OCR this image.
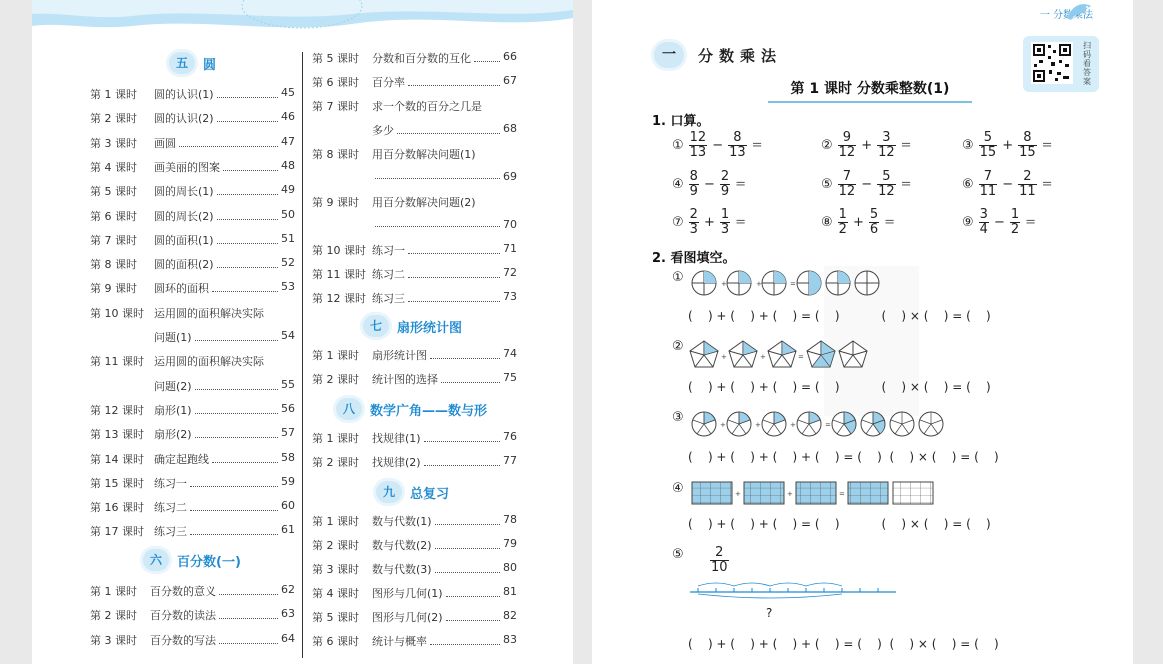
五	圆
第 1 课时	圆的认识(1)	45
第 2 课时	圆的认识(2)	46
第 3 课时	画圆	47
第 4 课时	画美丽的图案	48
第 5 课时	圆的周长(1)	49
第 6 课时	圆的周长(2)	50
第 7 课时	圆的面积(1)	51
第 8 课时	圆的面积(2)	52
第 9 课时	圆环的面积	53
第 10 课时 运用圆的面积解决实际
问题(1)	54
第 11 课时 运用圆的面积解决实际
问题(2)	55
第 12 课时 扇形(1)	56
第 13 课时 扇形(2)	57
第 14 课时 确定起跑线	58
第 15 课时 练习一	59
第 16 课时 练习二	60
第 17 课时 练习三	61
六	百分数(一)
第 1 课时	百分数的意义	62
第 2 课时	百分数的读法	63
第 3 课时	百分数的写法	64
第 5 课时	分数和百分数的互化	66
第 6 课时	百分率	67
第 7 课时	求一个数的百分之几是
多少	68
第 8 课时	用百分数解决问题(1)
69
第 9 课时	用百分数解决问题(2)
70
第 10 课时 练习一	71
第 11 课时 练习二	72
第 12 课时 练习三	73
七	扇形统计图
第 1 课时	扇形统计图	74
第 2 课时	统计图的选择	75
八	数学广角——数与形
第 1 课时	找规律(1)	76
第 2 课时	找规律(2)	77
九	总复习
第 1 课时	数与代数(1)	78
第 2 课时	数与代数(2)	79
第 3 课时	数与代数(3)	80
第 4 课时	图形与几何(1)	81
第 5 课时	图形与几何(2)	82
第 6 课时	统计与概率	83
一 分数乘法
一	分数乘法
扫码看答案
第 1 课时 分数乘整数(1)
1. 口算。
① $\frac{12}{13} - \frac{8}{13}$ =	② $\frac{9}{12} + \frac{3}{12}$ =	③ $\frac{5}{15} + \frac{8}{15}$ =
④ $\frac{8}{9} - \frac{2}{9}$ =	⑤ $\frac{7}{12} - \frac{5}{12}$ =	⑥ $\frac{7}{11} - \frac{2}{11}$ =
⑦ $\frac{2}{3} + \frac{1}{3}$ =	⑧ $\frac{1}{2} + \frac{5}{6}$ =	⑨ $\frac{3}{4} - \frac{1}{2}$ =
2. 看图填空。
①
②
③
④
⑤
+	+	=
+	+	=
+	+	+	=
+	+	=
$\frac{2}{10}$
?
(    ) + (    ) + (    ) = (    )           (    ) × (    ) = (    )
(    ) + (    ) + (    ) = (    )           (    ) × (    ) = (    )
(    ) + (    ) + (    ) + (    ) = (    )  (    ) × (    ) = (    )
(    ) + (    ) + (    ) = (    )           (    ) × (    ) = (    )
(    ) + (    ) + (    ) + (    ) = (    )  (    ) × (    ) = (    )
